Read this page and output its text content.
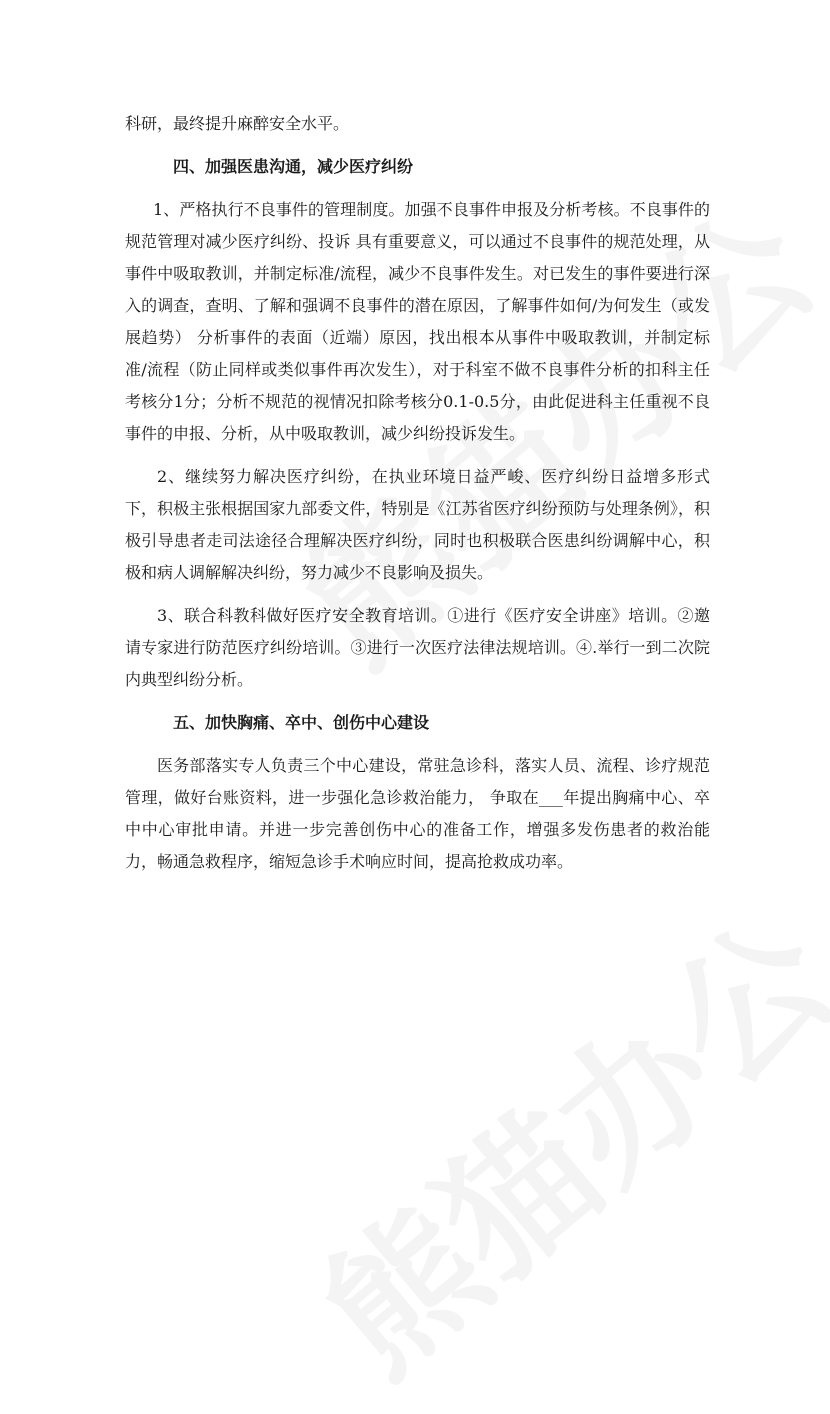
科研，最终提升麻醉安全水平。

四、加强医患沟通，减少医疗纠纷

1、严格执行不良事件的管理制度。加强不良事件申报及分析考核。不良事件的规范管理对减少医疗纠纷、投诉 具有重要意义，可以通过不良事件的规范处理，从事件中吸取教训，并制定标准/流程，减少不良事件发生。对已发生的事件要进行深入的调查，查明、了解和强调不良事件的潜在原因，了解事件如何/为何发生（或发展趋势） 分析事件的表面（近端）原因，找出根本从事件中吸取教训，并制定标准/流程（防止同样或类似事件再次发生），对于科室不做不良事件分析的扣科主任考核分1分；分析不规范的视情况扣除考核分0.1-0.5分，由此促进科主任重视不良事件的申报、分析，从中吸取教训，减少纠纷投诉发生。

2、继续努力解决医疗纠纷，在执业环境日益严峻、医疗纠纷日益增多形式下，积极主张根据国家九部委文件，特别是《江苏省医疗纠纷预防与处理条例》，积极引导患者走司法途径合理解决医疗纠纷，同时也积极联合医患纠纷调解中心，积极和病人调解解决纠纷，努力减少不良影响及损失。

3、联合科教科做好医疗安全教育培训。①进行《医疗安全讲座》培训。②邀请专家进行防范医疗纠纷培训。③进行一次医疗法律法规培训。④.举行一到二次院内典型纠纷分析。

五、加快胸痛、卒中、创伤中心建设

医务部落实专人负责三个中心建设，常驻急诊科，落实人员、流程、诊疗规范管理，做好台账资料，进一步强化急诊救治能力， 争取在___年提出胸痛中心、卒中中心审批申请。并进一步完善创伤中心的准备工作，增强多发伤患者的救治能力，畅通急救程序，缩短急诊手术响应时间，提高抢救成功率。
